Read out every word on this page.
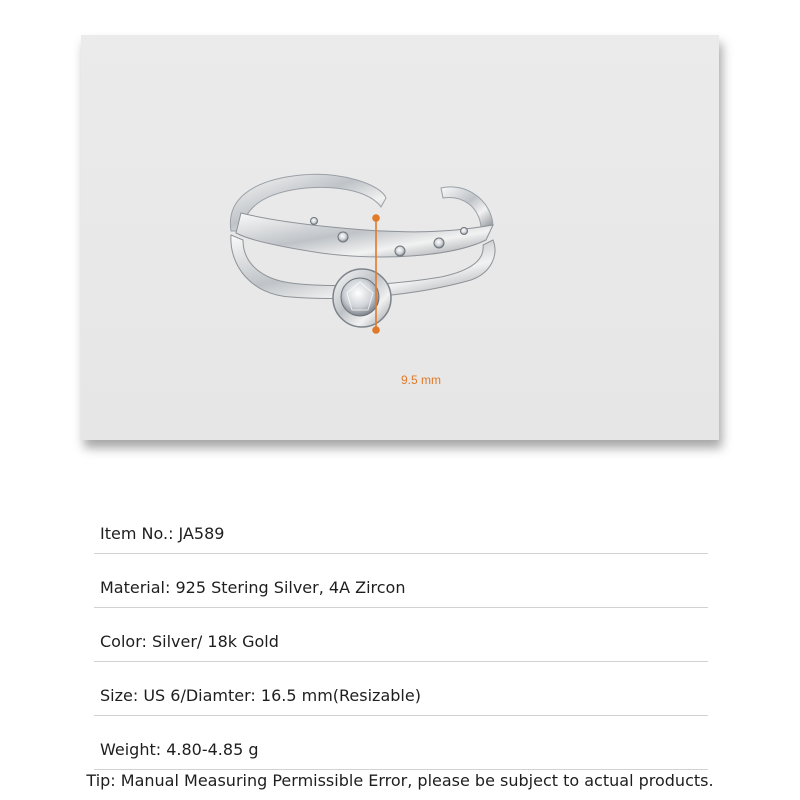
9.5 mm
Item No.: JA589
Material: 925 Stering Silver, 4A Zircon
Color: Silver/ 18k Gold
Size: US 6/Diamter: 16.5 mm(Resizable)
Weight: 4.80-4.85 g
Tip: Manual Measuring Permissible Error, please be subject to actual products.
